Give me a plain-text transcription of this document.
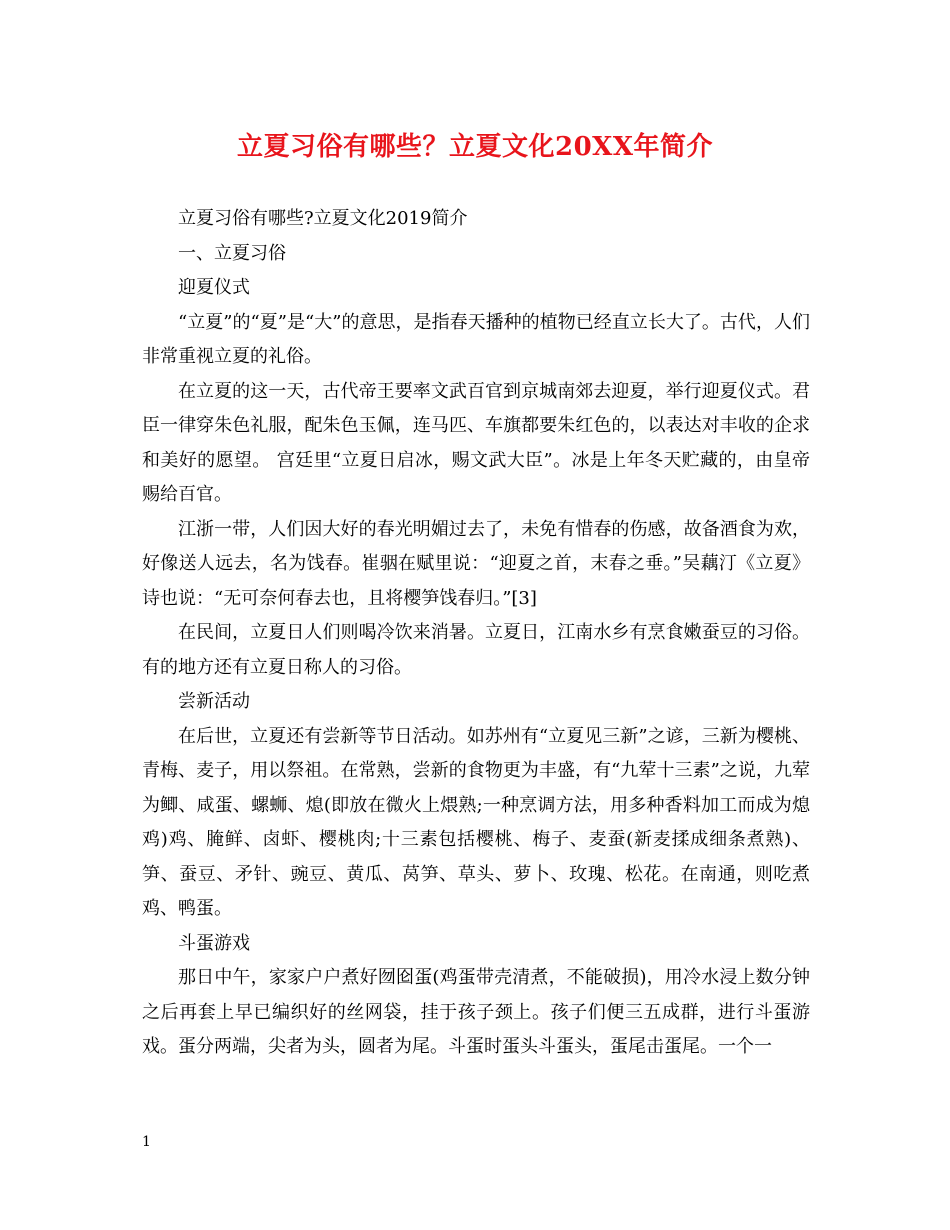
立夏习俗有哪些？立夏文化20XX年简介

立夏习俗有哪些?立夏文化2019简介

一、立夏习俗

迎夏仪式

“立夏”的“夏”是“大”的意思，是指春天播种的植物已经直立长大了。古代，人们非常重视立夏的礼俗。

在立夏的这一天，古代帝王要率文武百官到京城南郊去迎夏，举行迎夏仪式。君臣一律穿朱色礼服，配朱色玉佩，连马匹、车旗都要朱红色的，以表达对丰收的企求和美好的愿望。 宫廷里“立夏日启冰，赐文武大臣”。冰是上年冬天贮藏的，由皇帝赐给百官。

江浙一带，人们因大好的春光明媚过去了，未免有惜春的伤感，故备酒食为欢，好像送人远去，名为饯春。崔骃在赋里说：“迎夏之首，末春之垂。”吴藕汀《立夏》诗也说：“无可奈何春去也，且将樱笋饯春归。”[3]

在民间，立夏日人们则喝冷饮来消暑。立夏日，江南水乡有烹食嫩蚕豆的习俗。有的地方还有立夏日称人的习俗。

尝新活动

在后世，立夏还有尝新等节日活动。如苏州有“立夏见三新”之谚，三新为樱桃、青梅、麦子，用以祭祖。在常熟，尝新的食物更为丰盛，有“九荤十三素”之说，九荤为鲫、咸蛋、螺蛳、熄(即放在微火上煨熟;一种烹调方法，用多种香料加工而成为熄鸡)鸡、腌鲜、卤虾、樱桃肉;十三素包括樱桃、梅子、麦蚕(新麦揉成细条煮熟)、笋、蚕豆、矛针、豌豆、黄瓜、莴笋、草头、萝卜、玫瑰、松花。在南通，则吃煮鸡、鸭蛋。

斗蛋游戏

那日中午，家家户户煮好囫囵蛋(鸡蛋带壳清煮，不能破损)，用冷水浸上数分钟之后再套上早已编织好的丝网袋，挂于孩子颈上。孩子们便三五成群，进行斗蛋游戏。蛋分两端，尖者为头，圆者为尾。斗蛋时蛋头斗蛋头，蛋尾击蛋尾。一个一

1
